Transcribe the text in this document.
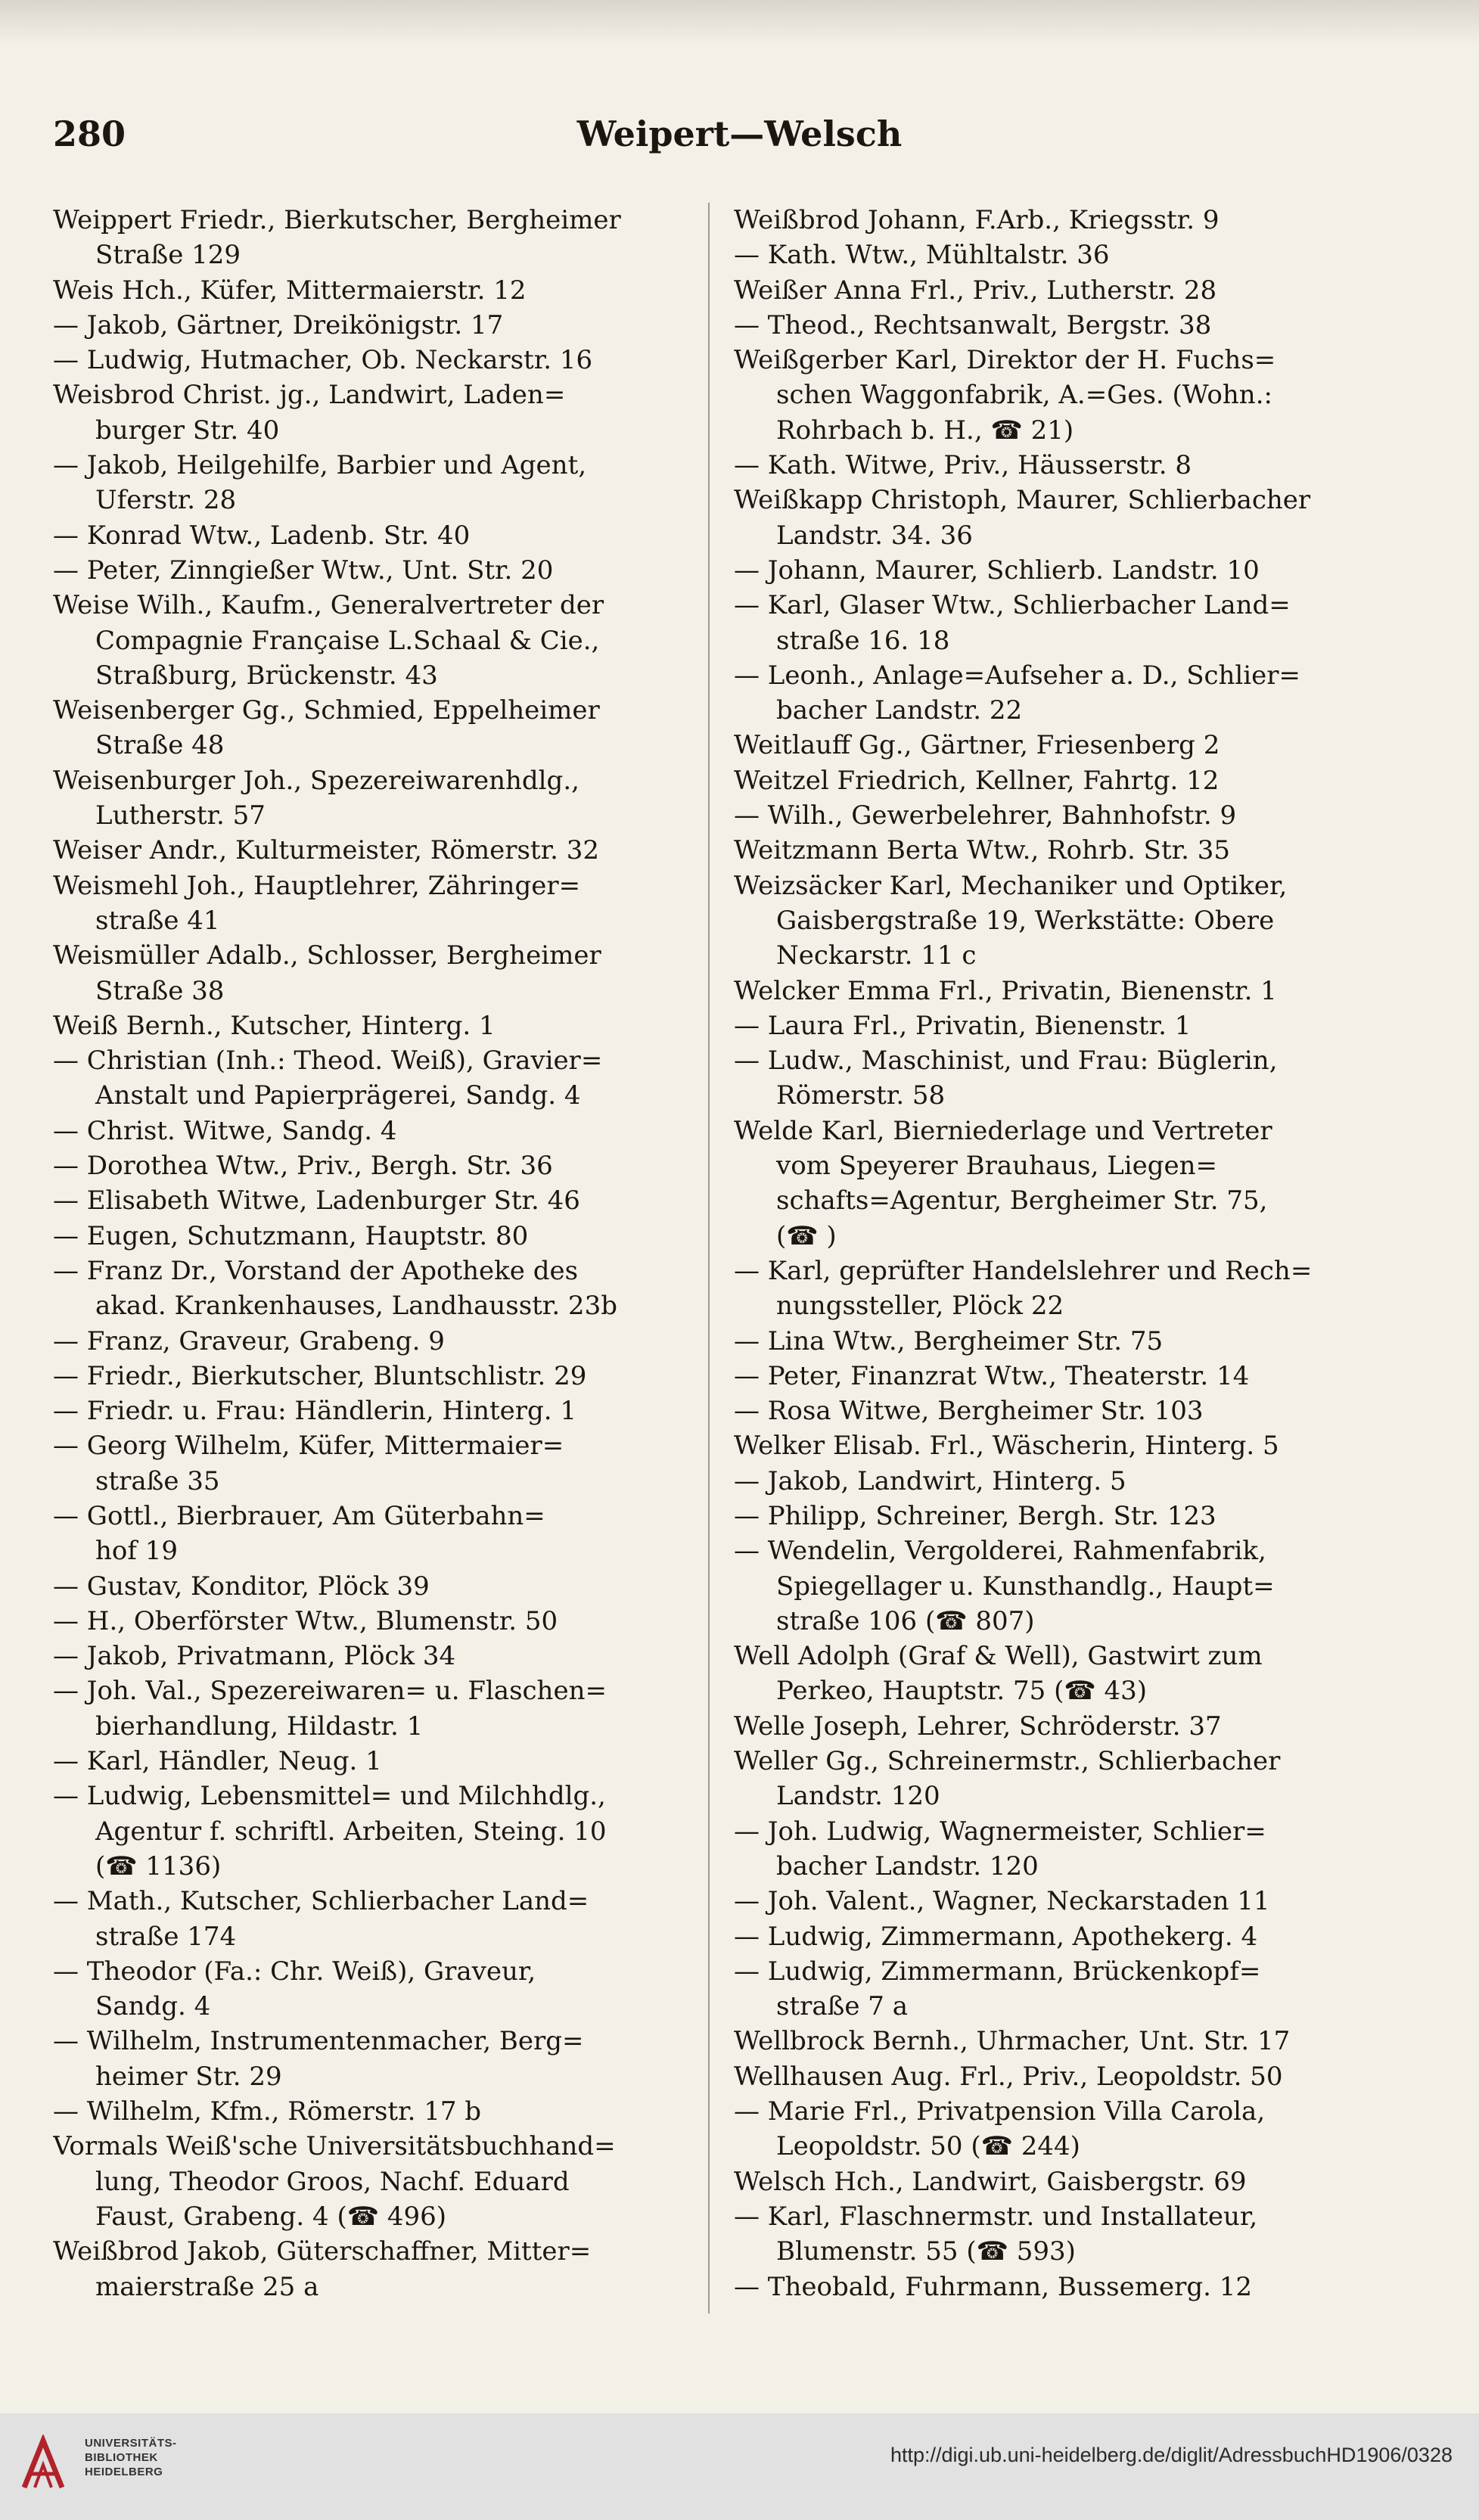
280	Weipert—Welsch
Weippert Friedr., Bierkutscher, Bergheimer
Straße 129
Weis Hch., Küfer, Mittermaierstr. 12
— Jakob, Gärtner, Dreikönigstr. 17
— Ludwig, Hutmacher, Ob. Neckarstr. 16
Weisbrod Christ. jg., Landwirt, Laden=
burger Str. 40
— Jakob, Heilgehilfe, Barbier und Agent,
Uferstr. 28
— Konrad Wtw., Ladenb. Str. 40
— Peter, Zinngießer Wtw., Unt. Str. 20
Weise Wilh., Kaufm., Generalvertreter der
Compagnie Française L.Schaal & Cie.,
Straßburg, Brückenstr. 43
Weisenberger Gg., Schmied, Eppelheimer
Straße 48
Weisenburger Joh., Spezereiwarenhdlg.,
Lutherstr. 57
Weiser Andr., Kulturmeister, Römerstr. 32
Weismehl Joh., Hauptlehrer, Zähringer=
straße 41
Weismüller Adalb., Schlosser, Bergheimer
Straße 38
Weiß Bernh., Kutscher, Hinterg. 1
— Christian (Inh.: Theod. Weiß), Gravier=
Anstalt und Papierprägerei, Sandg. 4
— Christ. Witwe, Sandg. 4
— Dorothea Wtw., Priv., Bergh. Str. 36
— Elisabeth Witwe, Ladenburger Str. 46
— Eugen, Schutzmann, Hauptstr. 80
— Franz Dr., Vorstand der Apotheke des
akad. Krankenhauses, Landhausstr. 23b
— Franz, Graveur, Grabeng. 9
— Friedr., Bierkutscher, Bluntschlistr. 29
— Friedr. u. Frau: Händlerin, Hinterg. 1
— Georg Wilhelm, Küfer, Mittermaier=
straße 35
— Gottl., Bierbrauer, Am Güterbahn=
hof 19
— Gustav, Konditor, Plöck 39
— H., Oberförster Wtw., Blumenstr. 50
— Jakob, Privatmann, Plöck 34
— Joh. Val., Spezereiwaren= u. Flaschen=
bierhandlung, Hildastr. 1
— Karl, Händler, Neug. 1
— Ludwig, Lebensmittel= und Milchhdlg.,
Agentur f. schriftl. Arbeiten, Steing. 10
(☎ 1136)
— Math., Kutscher, Schlierbacher Land=
straße 174
— Theodor (Fa.: Chr. Weiß), Graveur,
Sandg. 4
— Wilhelm, Instrumentenmacher, Berg=
heimer Str. 29
— Wilhelm, Kfm., Römerstr. 17 b
Vormals Weiß'sche Universitätsbuchhand=
lung, Theodor Groos, Nachf. Eduard
Faust, Grabeng. 4 (☎ 496)
Weißbrod Jakob, Güterschaffner, Mitter=
maierstraße 25 a
Weißbrod Johann, F.Arb., Kriegsstr. 9
— Kath. Wtw., Mühltalstr. 36
Weißer Anna Frl., Priv., Lutherstr. 28
— Theod., Rechtsanwalt, Bergstr. 38
Weißgerber Karl, Direktor der H. Fuchs=
schen Waggonfabrik, A.=Ges. (Wohn.:
Rohrbach b. H., ☎ 21)
— Kath. Witwe, Priv., Häusserstr. 8
Weißkapp Christoph, Maurer, Schlierbacher
Landstr. 34. 36
— Johann, Maurer, Schlierb. Landstr. 10
— Karl, Glaser Wtw., Schlierbacher Land=
straße 16. 18
— Leonh., Anlage=Aufseher a. D., Schlier=
bacher Landstr. 22
Weitlauff Gg., Gärtner, Friesenberg 2
Weitzel Friedrich, Kellner, Fahrtg. 12
— Wilh., Gewerbelehrer, Bahnhofstr. 9
Weitzmann Berta Wtw., Rohrb. Str. 35
Weizsäcker Karl, Mechaniker und Optiker,
Gaisbergstraße 19, Werkstätte: Obere
Neckarstr. 11 c
Welcker Emma Frl., Privatin, Bienenstr. 1
— Laura Frl., Privatin, Bienenstr. 1
— Ludw., Maschinist, und Frau: Büglerin,
Römerstr. 58
Welde Karl, Bierniederlage und Vertreter
vom Speyerer Brauhaus, Liegen=
schafts=Agentur, Bergheimer Str. 75,
(☎ )
— Karl, geprüfter Handelslehrer und Rech=
nungssteller, Plöck 22
— Lina Wtw., Bergheimer Str. 75
— Peter, Finanzrat Wtw., Theaterstr. 14
— Rosa Witwe, Bergheimer Str. 103
Welker Elisab. Frl., Wäscherin, Hinterg. 5
— Jakob, Landwirt, Hinterg. 5
— Philipp, Schreiner, Bergh. Str. 123
— Wendelin, Vergolderei, Rahmenfabrik,
Spiegellager u. Kunsthandlg., Haupt=
straße 106 (☎ 807)
Well Adolph (Graf & Well), Gastwirt zum
Perkeo, Hauptstr. 75 (☎ 43)
Welle Joseph, Lehrer, Schröderstr. 37
Weller Gg., Schreinermstr., Schlierbacher
Landstr. 120
— Joh. Ludwig, Wagnermeister, Schlier=
bacher Landstr. 120
— Joh. Valent., Wagner, Neckarstaden 11
— Ludwig, Zimmermann, Apothekerg. 4
— Ludwig, Zimmermann, Brückenkopf=
straße 7 a
Wellbrock Bernh., Uhrmacher, Unt. Str. 17
Wellhausen Aug. Frl., Priv., Leopoldstr. 50
— Marie Frl., Privatpension Villa Carola,
Leopoldstr. 50 (☎ 244)
Welsch Hch., Landwirt, Gaisbergstr. 69
— Karl, Flaschnermstr. und Installateur,
Blumenstr. 55 (☎ 593)
— Theobald, Fuhrmann, Bussemerg. 12
UNIVERSITÄTS-
BIBLIOTHEK
HEIDELBERG
http://digi.ub.uni-heidelberg.de/diglit/AdressbuchHD1906/0328
